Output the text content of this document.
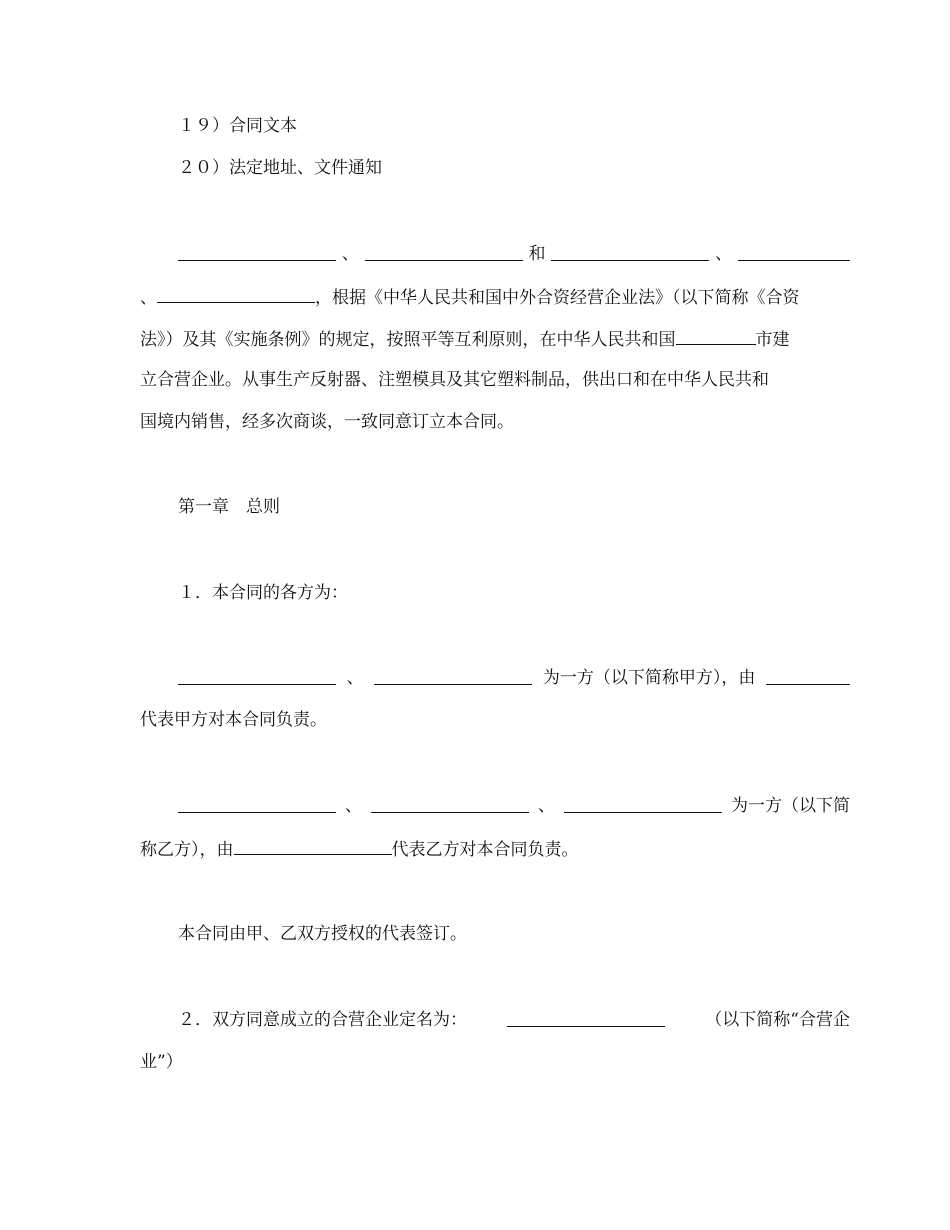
１９）合同文本
２０）法定地址、文件通知
、	和	、
、	，根据《中华人民共和国中外合资经营企业法》（以下简称《合资
法》）及其《实施条例》的规定，按照平等互利原则，在中华人民共和国	市建
立合营企业。从事生产反射器、注塑模具及其它塑料制品，供出口和在中华人民共和
国境内销售，经多次商谈，一致同意订立本合同。
第一章　总则
１．本合同的各方为：
、	为一方（以下简称甲方），由
代表甲方对本合同负责。
、	、	为一方（以下简
称乙方），由	代表乙方对本合同负责。
本合同由甲、乙双方授权的代表签订。
２．双方同意成立的合营企业定名为：	（以下简称“合营企
业”）
